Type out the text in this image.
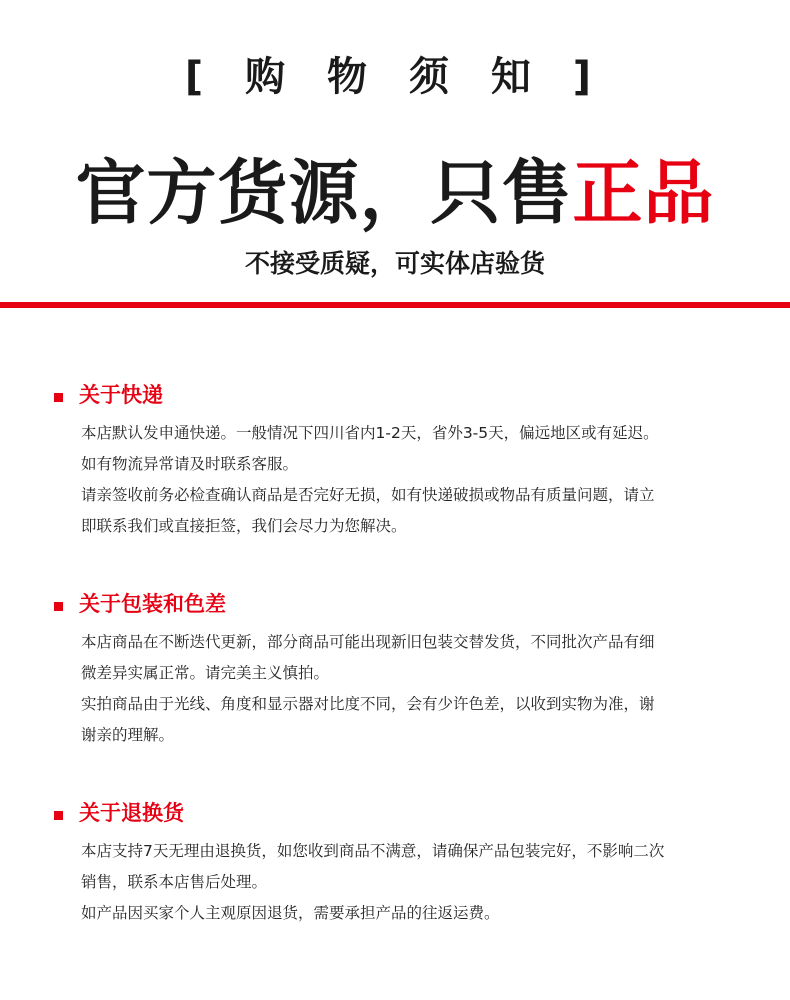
[ 购 物 须 知 ]
官方货源，只售正品
不接受质疑，可实体店验货
关于快递

本店默认发申通快递。一般情况下四川省内1-2天，省外3-5天，偏远地区或有延迟。

如有物流异常请及时联系客服。

请亲签收前务必检查确认商品是否完好无损，如有快递破损或物品有质量问题，请立

即联系我们或直接拒签，我们会尽力为您解决。

关于包装和色差

本店商品在不断迭代更新，部分商品可能出现新旧包装交替发货，不同批次产品有细

微差异实属正常。请完美主义慎拍。

实拍商品由于光线、角度和显示器对比度不同，会有少许色差，以收到实物为准，谢

谢亲的理解。

关于退换货

本店支持7天无理由退换货，如您收到商品不满意，请确保产品包装完好，不影响二次

销售，联系本店售后处理。

如产品因买家个人主观原因退货，需要承担产品的往返运费。
